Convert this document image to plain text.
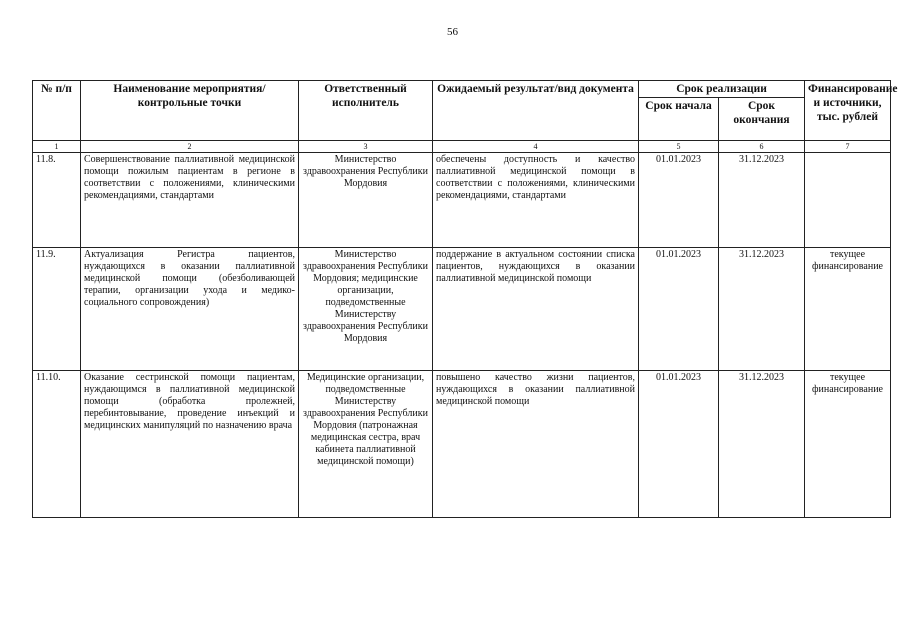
56
№ п/п	Наименование мероприятия/ контрольные точки	Ответственный исполнитель	Ожидаемый результат/вид документа	Срок реализации		Финансирование и источники, тыс. рублей
				Срок начала	Срок окончания	
1	2	3	4	5	6	7
11.8.	Совершенствование паллиативной медицинской помощи пожилым пациентам в регионе в соответствии с положениями, клиническими рекомендациями, стандартами	Министерство здравоохранения Республики Мордовия	обеспечены доступность и качество паллиативной медицинской помощи в соответствии с положениями, клиническими рекомендациями, стандартами	01.01.2023	31.12.2023	
11.9.	Актуализация Регистра пациентов, нуждающихся в оказании паллиативной медицинской помощи (обезболивающей терапии, организации ухода и медико-социального сопровождения)	Министерство здравоохранения Республики Мордовия; медицинские организации, подведомственные Министерству здравоохранения Республики Мордовия	поддержание в актуальном состоянии списка пациентов, нуждающихся в оказании паллиативной медицинской помощи	01.01.2023	31.12.2023	текущее финансирование
11.10.	Оказание сестринской помощи пациентам, нуждающимся в паллиативной медицинской помощи (обработка пролежней, перебинтовывание, проведение инъекций и медицинских манипуляций по назначению врача	Медицинские организации, подведомственные Министерству здравоохранения Республики Мордовия (патронажная медицинская сестра, врач кабинета паллиативной медицинской помощи)	повышено качество жизни пациентов, нуждающихся в оказании паллиативной медицинской помощи	01.01.2023	31.12.2023	текущее финансирование
